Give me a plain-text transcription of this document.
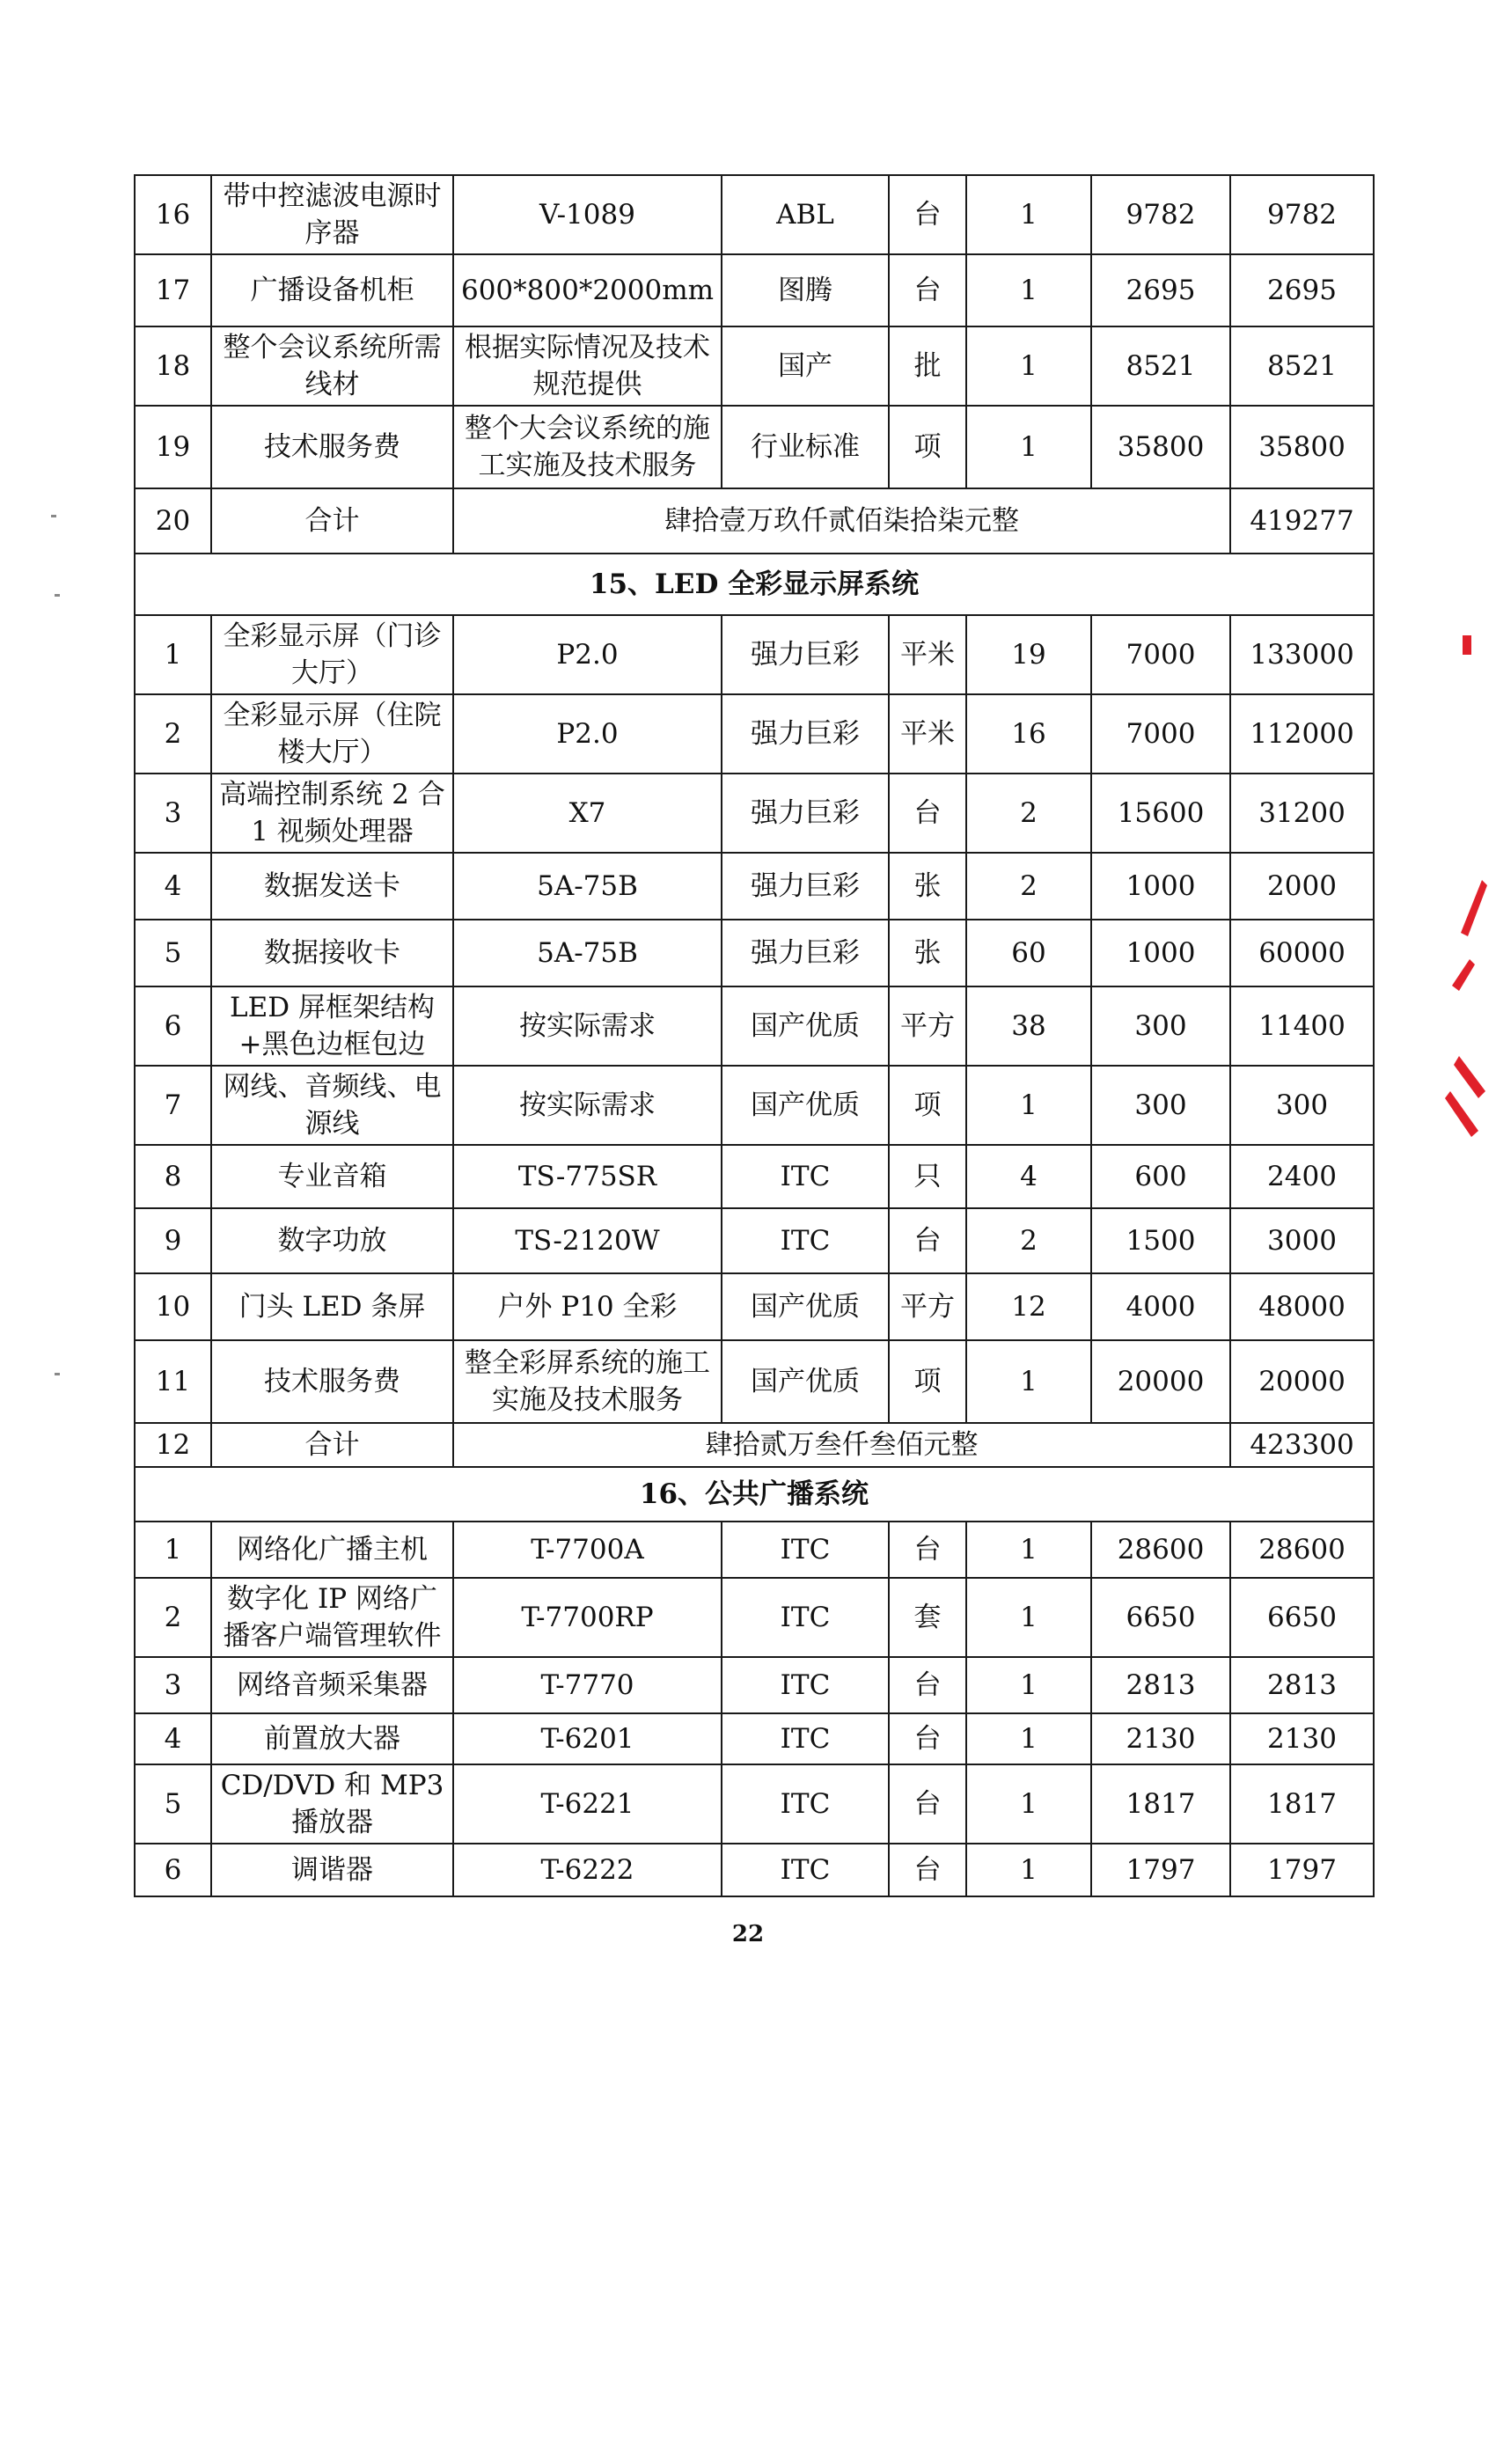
16	带中控滤波电源时序器	V-1089	ABL	台	1	9782	9782
17	广播设备机柜	600*800*2000mm	图腾	台	1	2695	2695
18	整个会议系统所需线材	根据实际情况及技术规范提供	国产	批	1	8521	8521
19	技术服务费	整个大会议系统的施工实施及技术服务	行业标准	项	1	35800	35800
20	合计	肆拾壹万玖仟贰佰柒拾柒元整					419277
15、LED 全彩显示屏系统							
1	全彩显示屏（门诊大厅）	P2.0	强力巨彩	平米	19	7000	133000
2	全彩显示屏（住院楼大厅）	P2.0	强力巨彩	平米	16	7000	112000
3	高端控制系统 2 合 1 视频处理器	X7	强力巨彩	台	2	15600	31200
4	数据发送卡	5A-75B	强力巨彩	张	2	1000	2000
5	数据接收卡	5A-75B	强力巨彩	张	60	1000	60000
6	LED 屏框架结构+黑色边框包边	按实际需求	国产优质	平方	38	300	11400
7	网线、音频线、电源线	按实际需求	国产优质	项	1	300	300
8	专业音箱	TS-775SR	ITC	只	4	600	2400
9	数字功放	TS-2120W	ITC	台	2	1500	3000
10	门头 LED 条屏	户外 P10 全彩	国产优质	平方	12	4000	48000
11	技术服务费	整全彩屏系统的施工实施及技术服务	国产优质	项	1	20000	20000
12	合计	肆拾贰万叁仟叁佰元整					423300
16、公共广播系统							
1	网络化广播主机	T-7700A	ITC	台	1	28600	28600
2	数字化 IP 网络广播客户端管理软件	T-7700RP	ITC	套	1	6650	6650
3	网络音频采集器	T-7770	ITC	台	1	2813	2813
4	前置放大器	T-6201	ITC	台	1	2130	2130
5	CD/DVD 和 MP3 播放器	T-6221	ITC	台	1	1817	1817
6	调谐器	T-6222	ITC	台	1	1797	1797
22
